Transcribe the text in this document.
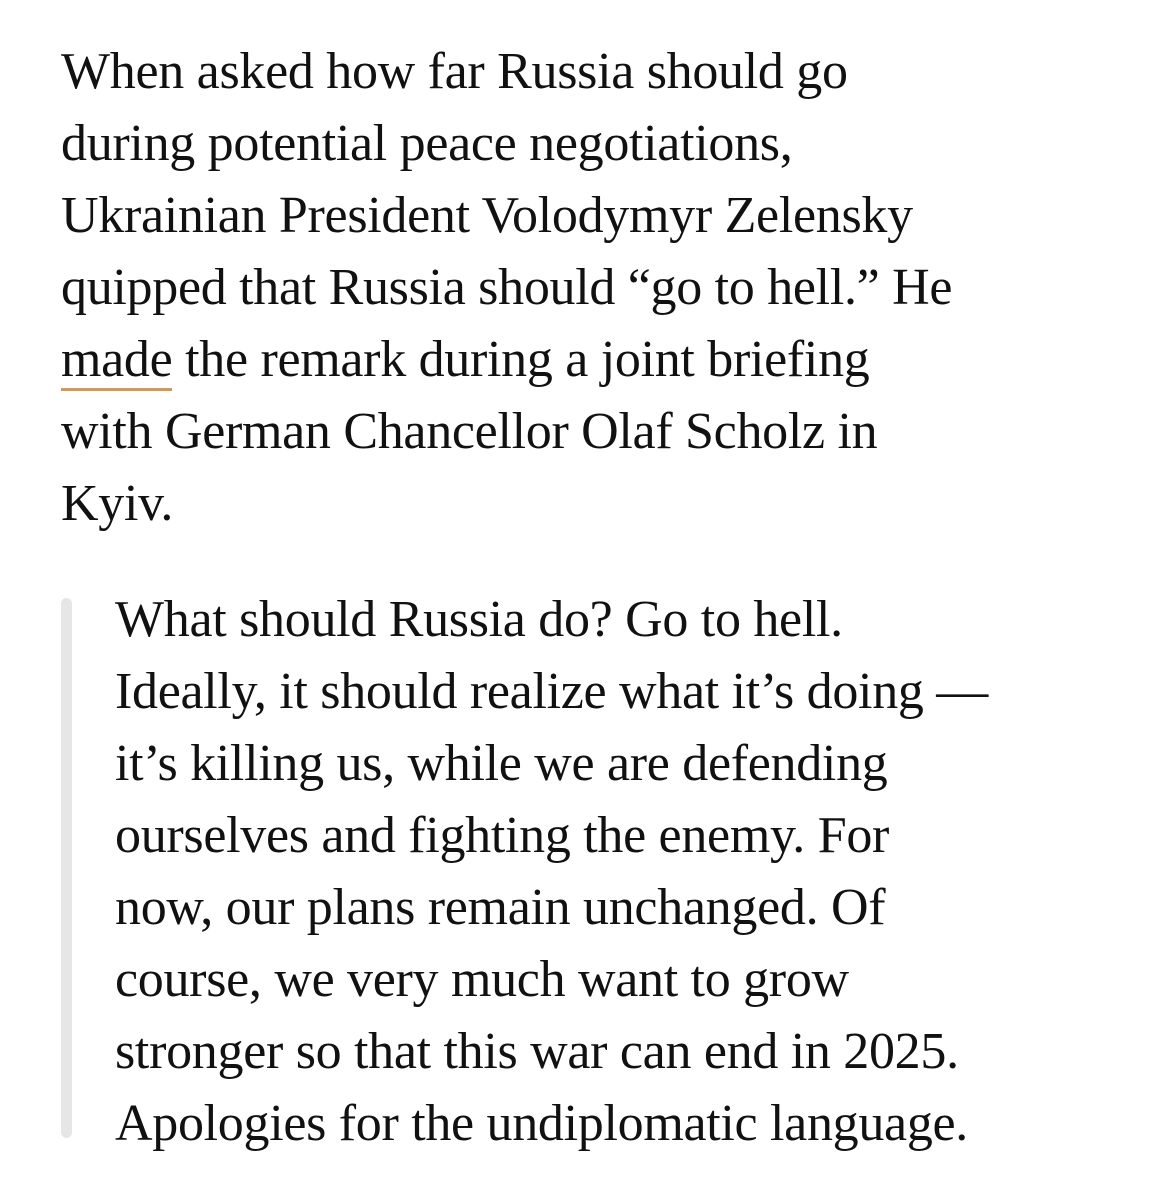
When asked how far Russia should go
during potential peace negotiations,
Ukrainian President Volodymyr Zelensky
quipped that Russia should “go to hell.” He
made the remark during a joint briefing
with German Chancellor Olaf Scholz in
Kyiv.

What should Russia do? Go to hell.
Ideally, it should realize what it’s doing —
it’s killing us, while we are defending
ourselves and fighting the enemy. For
now, our plans remain unchanged. Of
course, we very much want to grow
stronger so that this war can end in 2025.
Apologies for the undiplomatic language.
